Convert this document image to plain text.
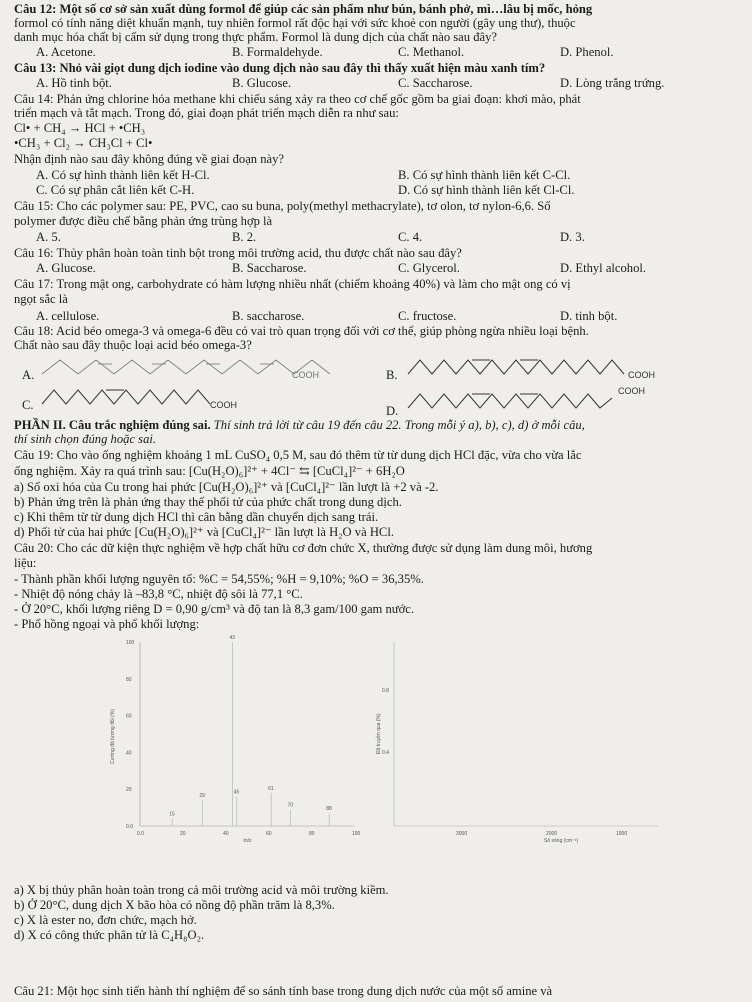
Câu 12: Một số cơ sở sản xuất dùng formol để giúp các sản phẩm như bún, bánh phở, mì…lâu bị mốc, hỏng
formol có tính năng diệt khuẩn mạnh, tuy nhiên formol rất độc hại với sức khoẻ con người (gây ung thư), thuộc
danh mục hóa chất bị cấm sử dụng trong thực phẩm. Formol là dung dịch của chất nào sau đây?
A. Acetone.	B. Formaldehyde.	C. Methanol.	D. Phenol.
Câu 13: Nhỏ vài giọt dung dịch iodine vào dung dịch nào sau đây thì thấy xuất hiện màu xanh tím?
A. Hồ tinh bột.	B. Glucose.	C. Saccharose.	D. Lòng trắng trứng.
Câu 14: Phản ứng chlorine hóa methane khi chiếu sáng xảy ra theo cơ chế gốc gồm ba giai đoạn: khơi mào, phát
triển mạch và tắt mạch. Trong đó, giai đoạn phát triển mạch diễn ra như sau:
Cl• + CH₄ → HCl + •CH₃
•CH₃ + Cl₂ → CH₃Cl + Cl•
Nhận định nào sau đây không đúng về giai đoạn này?
A. Có sự hình thành liên kết H-Cl.	B. Có sự hình thành liên kết C-Cl.
C. Có sự phân cắt liên kết C-H.	D. Có sự hình thành liên kết Cl-Cl.
Câu 15: Cho các polymer sau: PE, PVC, cao su buna, poly(methyl methacrylate), tơ olon, tơ nylon-6,6. Số
polymer được điều chế bằng phản ứng trùng hợp là
A. 5.	B. 2.	C. 4.	D. 3.
Câu 16: Thủy phân hoàn toàn tinh bột trong môi trường acid, thu được chất nào sau đây?
A. Glucose.	B. Saccharose.	C. Glycerol.	D. Ethyl alcohol.
Câu 17: Trong mật ong, carbohydrate có hàm lượng nhiều nhất (chiếm khoảng 40%) và làm cho mật ong có vị
ngọt sắc là
A. cellulose.	B. saccharose.	C. fructose.	D. tinh bột.
Câu 18: Acid béo omega-3 và omega-6 đều có vai trò quan trọng đối với cơ thể, giúp phòng ngừa nhiều loại bệnh.
Chất nào sau đây thuộc loại acid béo omega-3?
A.	COOH	B.	COOH
C.	COOH	D.
COOH
PHẦN II. Câu trắc nghiệm đúng sai. Thí sinh trả lời từ câu 19 đến câu 22. Trong mỗi ý a), b), c), d) ở mỗi câu,
thí sinh chọn đúng hoặc sai.
Câu 19: Cho vào ống nghiệm khoảng 1 mL CuSO₄ 0,5 M, sau đó thêm từ từ dung dịch HCl đặc, vừa cho vừa lắc
ống nghiệm. Xảy ra quá trình sau: [Cu(H₂O)₆]²⁺ + 4Cl⁻ ⇆ [CuCl₄]²⁻ + 6H₂O
a) Số oxi hóa của Cu trong hai phức [Cu(H₂O)₆]²⁺ và [CuCl₄]²⁻ lần lượt là +2 và -2.
b) Phản ứng trên là phản ứng thay thế phối tử của phức chất trong dung dịch.
c) Khi thêm từ từ dung dịch HCl thì cân bằng dần chuyển dịch sang trái.
d) Phối tử của hai phức [Cu(H₂O)₆]²⁺ và [CuCl₄]²⁻ lần lượt là H₂O và HCl.
Câu 20: Cho các dữ kiện thực nghiệm về hợp chất hữu cơ đơn chức X, thường được sử dụng làm dung môi, hương
liệu:
- Thành phần khối lượng nguyên tố: %C = 54,55%; %H = 9,10%; %O = 36,35%.
- Nhiệt độ nóng chảy là –83,8 °C, nhiệt độ sôi là 77,1 °C.
- Ở 20°C, khối lượng riêng D = 0,90 g/cm³ và độ tan là 8,3 gam/100 gam nước.
- Phổ hồng ngoại và phổ khối lượng:
100
80
60
40
20
0.0
0.0	20	40	60	80	100
Cường độ tương đối (%)
m/z
15
29
43
45
61
70
88
3000	2000	1000
0.8
0.4
Độ truyền qua (%)
Số sóng (cm⁻¹)
a) X bị thủy phân hoàn toàn trong cả môi trường acid và môi trường kiềm.
b) Ở 20°C, dung dịch X bão hòa có nồng độ phần trăm là 8,3%.
c) X là ester no, đơn chức, mạch hở.
d) X có công thức phân tử là C₄H₈O₂.
Câu 21: Một học sinh tiến hành thí nghiệm để so sánh tính base trong dung dịch nước của một số amine và
